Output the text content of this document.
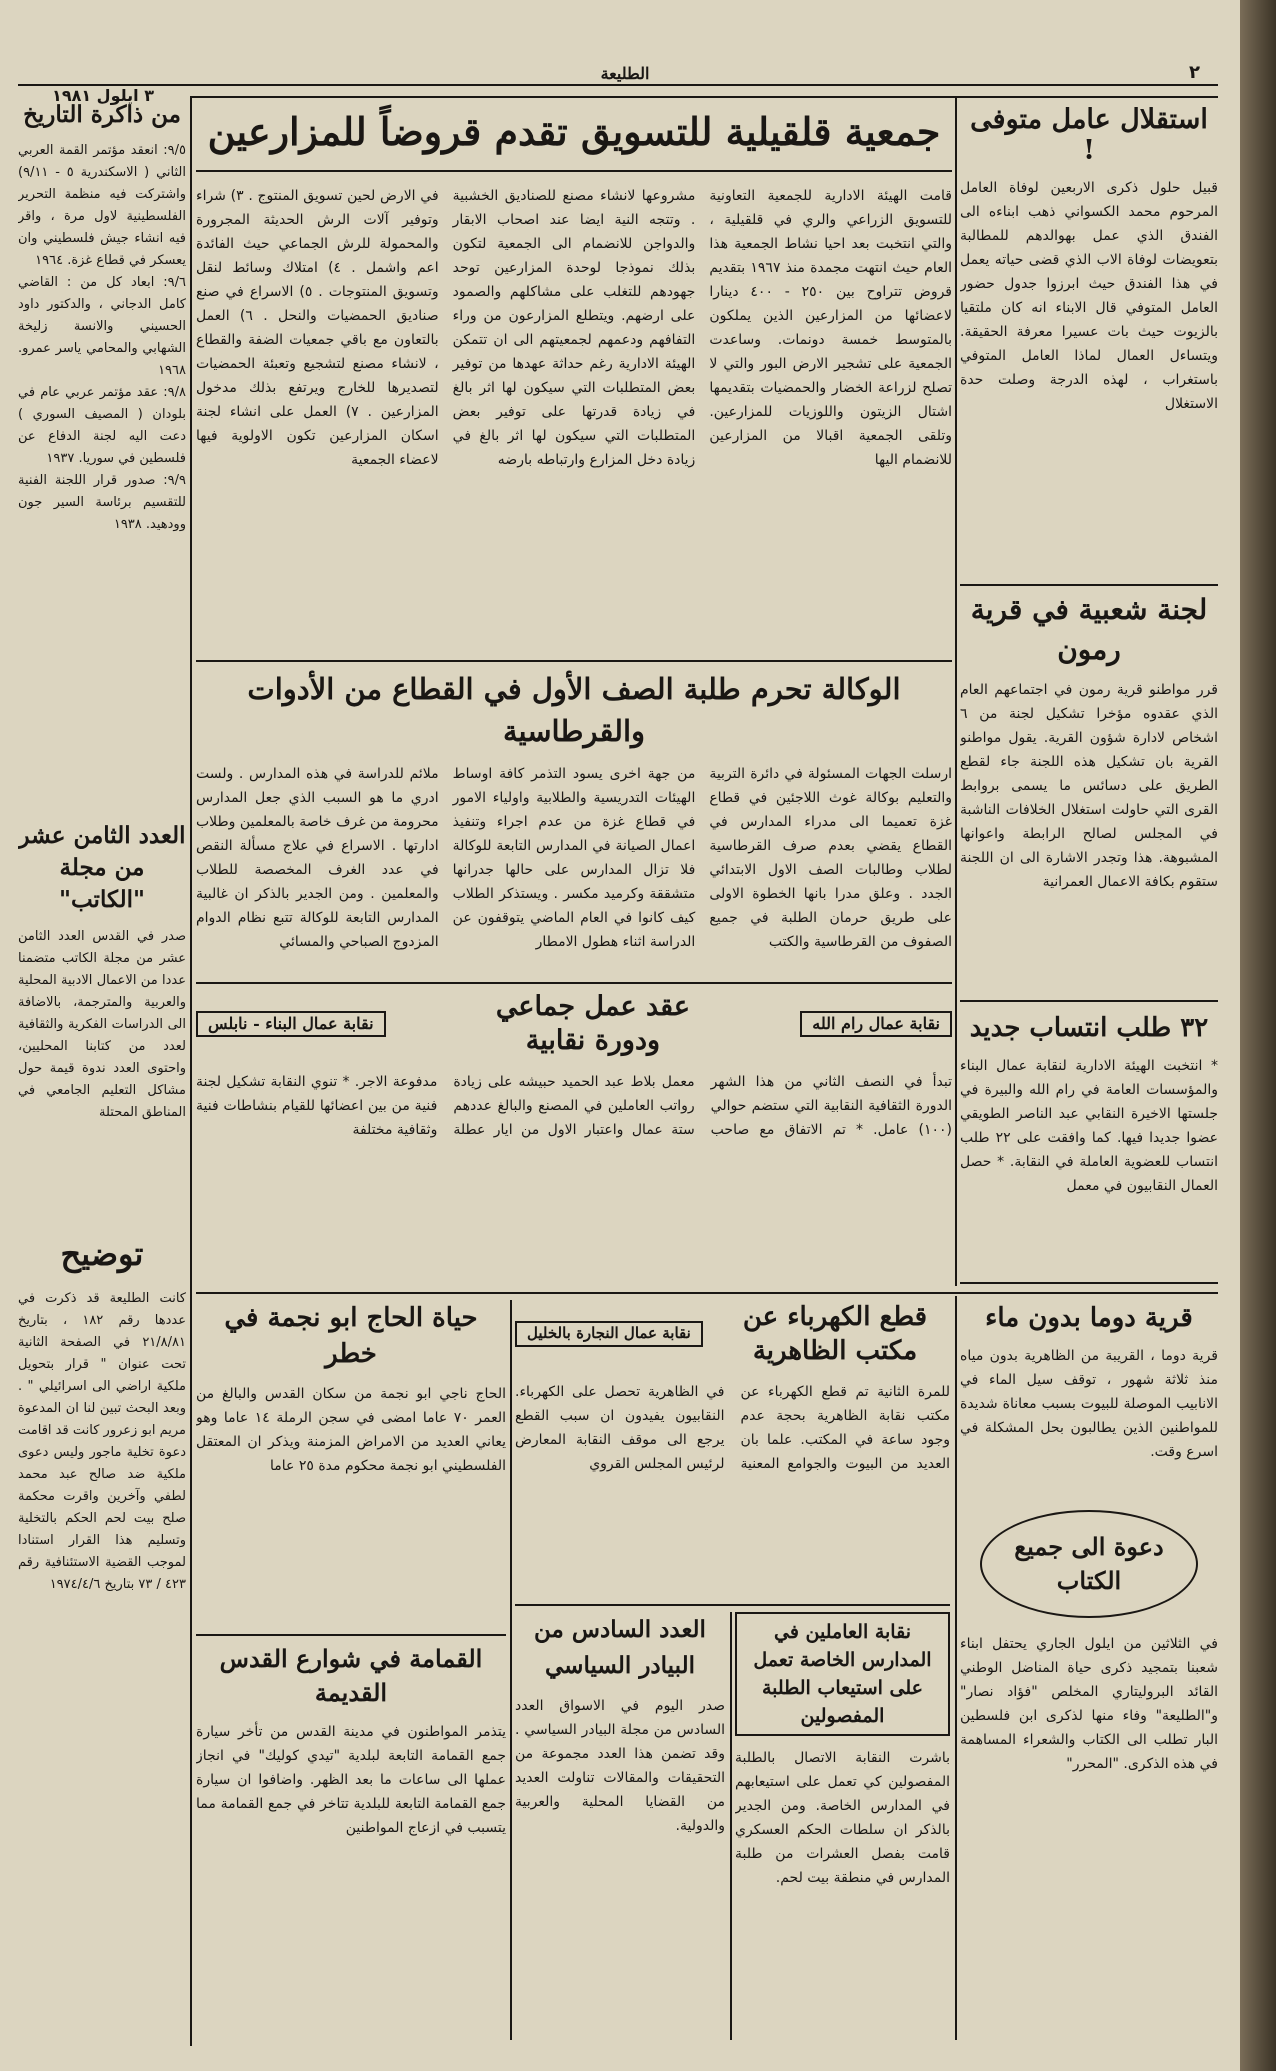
٢
الطليعة
٣ ايلول ١٩٨١
استقلال عامل متوفى !
قبيل حلول ذكرى الاربعين لوفاة العامل المرحوم محمد الكسواني ذهب ابناءه الى الفندق الذي عمل بهوالدهم للمطالبة بتعويضات لوفاة الاب الذي قضى حياته يعمل في هذا الفندق حيث ابرزوا جدول حضور العامل المتوفي قال الابناء انه كان ملتقيا بالزيوت حيث بات عسيرا معرفة الحقيقة. ويتساءل العمال لماذا العامل المتوفي باستغراب ، لهذه الدرجة وصلت حدة الاستغلال
لجنة شعبية في قرية رمون
قرر مواطنو قرية رمون في اجتماعهم العام الذي عقدوه مؤخرا تشكيل لجنة من ٦ اشخاص لادارة شؤون القرية. يقول مواطنو القرية بان تشكيل هذه اللجنة جاء لقطع الطريق على دسائس ما يسمى بروابط القرى التي حاولت استغلال الخلافات الناشبة في المجلس لصالح الرابطة واعوانها المشبوهة. هذا وتجدر الاشارة الى ان اللجنة ستقوم بكافة الاعمال العمرانية
٣٢ طلب انتساب جديد
* انتخبت الهيئة الادارية لنقابة عمال البناء والمؤسسات العامة في رام الله والبيرة في جلستها الاخيرة النقابي عبد الناصر الطويقي عضوا جديدا فيها. كما وافقت على ٢٢ طلب انتساب للعضوية العاملة في النقابة. * حصل العمال النقابيون في معمل
جمعية قلقيلية للتسويق تقدم قروضاً للمزارعين
قامت الهيئة الادارية للجمعية التعاونية للتسويق الزراعي والري في قلقيلية ، والتي انتخبت بعد احيا نشاط الجمعية هذا العام حيث انتهت مجمدة منذ ١٩٦٧ بتقديم قروض تتراوح بين ٢٥٠ - ٤٠٠ دينارا لاعضائها من المزارعين الذين يملكون بالمتوسط خمسة دونمات. وساعدت الجمعية على تشجير الارض البور والتي لا تصلح لزراعة الخضار والحمضيات بتقديمها اشتال الزيتون واللوزيات للمزارعين. وتلقى الجمعية اقبالا من المزارعين للانضمام اليها
مشروعها لانشاء مصنع للصناديق الخشبية . وتتجه النية ايضا عند اصحاب الابقار والدواجن للانضمام الى الجمعية لتكون بذلك نموذجا لوحدة المزارعين توحد جهودهم للتغلب على مشاكلهم والصمود على ارضهم. ويتطلع المزارعون من وراء التفافهم ودعمهم لجمعيتهم الى ان تتمكن الهيئة الادارية رغم حداثة عهدها من توفير بعض المتطلبات التي سيكون لها اثر بالغ في زيادة قدرتها على توفير بعض المتطلبات التي سيكون لها اثر بالغ في زيادة دخل المزارع وارتباطه بارضه
في الارض لحين تسويق المنتوج . ٣) شراء وتوفير آلات الرش الحديثة المجرورة والمحمولة للرش الجماعي حيث الفائدة اعم واشمل . ٤) امتلاك وسائط لنقل وتسويق المنتوجات . ٥) الاسراع في صنع صناديق الحمضيات والنحل . ٦) العمل بالتعاون مع باقي جمعيات الضفة والقطاع ، لانشاء مصنع لتشجيع وتعبئة الحمضيات لتصديرها للخارج ويرتفع بذلك مدخول المزارعين . ٧) العمل على انشاء لجنة اسكان المزارعين تكون الاولوية فيها لاعضاء الجمعية
الوكالة تحرم طلبة الصف الأول في القطاع من الأدوات والقرطاسية
ارسلت الجهات المسئولة في دائرة التربية والتعليم بوكالة غوث اللاجئين في قطاع غزة تعميما الى مدراء المدارس في القطاع يقضي بعدم صرف القرطاسية لطلاب وطالبات الصف الاول الابتدائي الجدد . وعلق مدرا بانها الخطوة الاولى على طريق حرمان الطلبة في جميع الصفوف من القرطاسية والكتب
من جهة اخرى يسود التذمر كافة اوساط الهيئات التدريسية والطلابية واولياء الامور في قطاع غزة من عدم اجراء وتنفيذ اعمال الصيانة في المدارس التابعة للوكالة فلا تزال المدارس على حالها جدرانها متشققة وكرميد مكسر . ويستذكر الطلاب كيف كانوا في العام الماضي يتوقفون عن الدراسة اثناء هطول الامطار
ملائم للدراسة في هذه المدارس . ولست ادري ما هو السبب الذي جعل المدارس محرومة من غرف خاصة بالمعلمين وطلاب ادارتها . الاسراع في علاج مسألة النقص في عدد الغرف المخصصة للطلاب والمعلمين . ومن الجدير بالذكر ان غالبية المدارس التابعة للوكالة تتبع نظام الدوام المزدوج الصباحي والمسائي
نقابة عمال رام الله
عقد عمل جماعي ودورة نقابية
نقابة عمال البناء - نابلس
تبدأ في النصف الثاني من هذا الشهر الدورة الثقافية النقابية التي ستضم حوالي (١٠٠) عامل. * تم الاتفاق مع صاحب معمل بلاط عبد الحميد حبيشه على زيادة رواتب العاملين في المصنع والبالغ عددهم ستة عمال واعتبار الاول من ايار عطلة مدفوعة الاجر. * تنوي النقابة تشكيل لجنة فنية من بين اعضائها للقيام بنشاطات فنية وثقافية مختلفة
من ذاكرة التاريخ
٩/٥: انعقد مؤتمر القمة العربي الثاني ( الاسكندرية ٥ - ٩/١١) واشتركت فيه منظمة التحرير الفلسطينية لاول مرة ، واقر فيه انشاء جيش فلسطيني وان يعسكر في قطاع غزة. ١٩٦٤
٩/٦: ابعاد كل من : القاضي كامل الدجاني ، والدكتور داود الحسيني والانسة زليخة الشهابي والمحامي ياسر عمرو. ١٩٦٨
٩/٨: عقد مؤتمر عربي عام في بلودان ( المصيف السوري ) دعت اليه لجنة الدفاع عن فلسطين في سوريا. ١٩٣٧
٩/٩: صدور قرار اللجنة الفنية للتقسيم برئاسة السير جون وودهيد. ١٩٣٨
العدد الثامن عشر من مجلة "الكاتب"
صدر في القدس العدد الثامن عشر من مجلة الكاتب متضمنا عددا من الاعمال الادبية المحلية والعربية والمترجمة، بالاضافة الى الدراسات الفكرية والثقافية لعدد من كتابنا المحليين، واحتوى العدد ندوة قيمة حول مشاكل التعليم الجامعي في المناطق المحتلة
توضيح
كانت الطليعة قد ذكرت في عددها رقم ١٨٢ ، بتاريخ ٢١/٨/٨١ في الصفحة الثانية تحت عنوان " قرار بتحويل ملكية اراضي الى اسرائيلي " . وبعد البحث تبين لنا ان المدعوة مريم ابو زعرور كانت قد اقامت دعوة تخلية ماجور وليس دعوى ملكية ضد صالح عبد محمد لطفي وآخرين واقرت محكمة صلح بيت لحم الحكم بالتخلية وتسليم هذا القرار استنادا لموجب القضية الاستئنافية رقم ٤٢٣ / ٧٣ بتاريخ ١٩٧٤/٤/٦
قرية دوما بدون ماء
قرية دوما ، القريبة من الظاهرية بدون مياه منذ ثلاثة شهور ، توقف سيل الماء في الانابيب الموصلة للبيوت بسبب معاناة شديدة للمواطنين الذين يطالبون بحل المشكلة في اسرع وقت.
دعوة الى جميع الكتاب
في الثلاثين من ايلول الجاري يحتفل ابناء شعبنا بتمجيد ذكرى حياة المناضل الوطني القائد البروليتاري المخلص "فؤاد نصار" و"الطليعة" وفاء منها لذكرى ابن فلسطين البار تطلب الى الكتاب والشعراء المساهمة في هذه الذكرى. "المحرر"
قطع الكهرباء عن مكتب الظاهرية
نقابة عمال النجارة بالخليل
للمرة الثانية تم قطع الكهرباء عن مكتب نقابة الظاهرية بحجة عدم وجود ساعة في المكتب. علما بان العديد من البيوت والجوامع المعنية في الظاهرية تحصل على الكهرباء. النقابيون يفيدون ان سبب القطع يرجع الى موقف النقابة المعارض لرئيس المجلس القروي
حياة الحاج ابو نجمة في خطر
الحاج ناجي ابو نجمة من سكان القدس والبالغ من العمر ٧٠ عاما امضى في سجن الرملة ١٤ عاما وهو يعاني العديد من الامراض المزمنة ويذكر ان المعتقل الفلسطيني ابو نجمة محكوم مدة ٢٥ عاما
نقابة العاملين في المدارس الخاصة تعمل على استيعاب الطلبة المفصولين
باشرت النقابة الاتصال بالطلبة المفصولين كي تعمل على استيعابهم في المدارس الخاصة. ومن الجدير بالذكر ان سلطات الحكم العسكري قامت بفصل العشرات من طلبة المدارس في منطقة بيت لحم.
العدد السادس من البيادر السياسي
صدر اليوم في الاسواق العدد السادس من مجلة البيادر السياسي . وقد تضمن هذا العدد مجموعة من التحقيقات والمقالات تناولت العديد من القضايا المحلية والعربية والدولية.
القمامة في شوارع القدس القديمة
يتذمر المواطنون في مدينة القدس من تأخر سيارة جمع القمامة التابعة لبلدية "تيدي كوليك" في انجاز عملها الى ساعات ما بعد الظهر. واضافوا ان سيارة جمع القمامة التابعة للبلدية تتاخر في جمع القمامة مما يتسبب في ازعاج المواطنين
